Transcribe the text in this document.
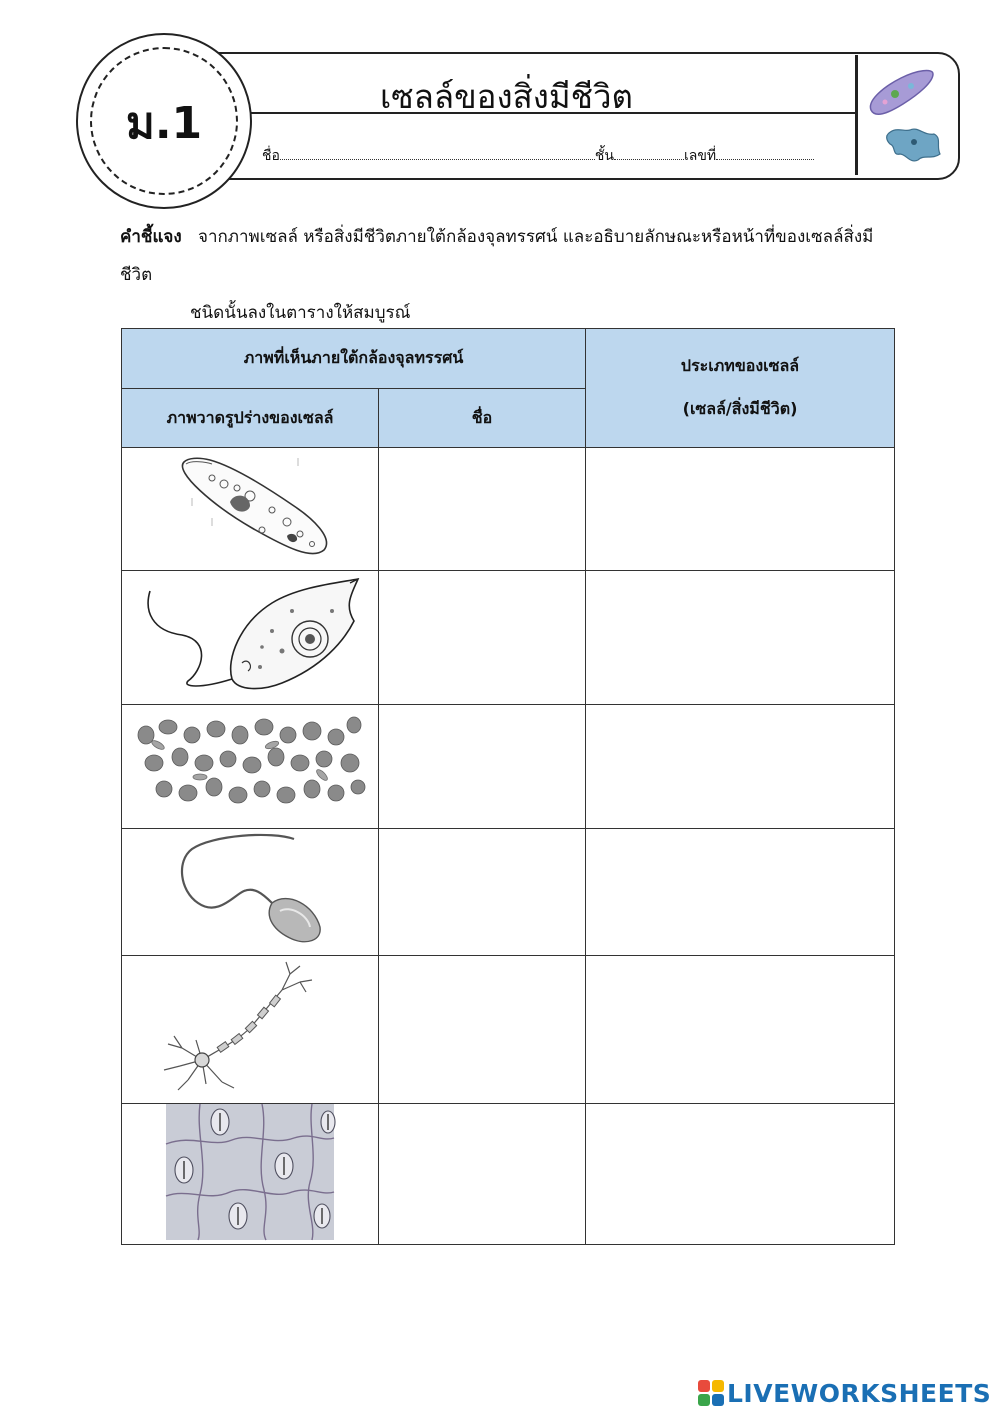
ม.1
เซลล์ของสิ่งมีชีวิต
ชื่อ	ชั้น	เลขที่
คำชี้แจง จากภาพเซลล์ หรือสิ่งมีชีวิตภายใต้กล้องจุลทรรศน์ และอธิบายลักษณะหรือหน้าที่ของเซลล์สิ่งมีชีวิต
ชนิดนั้นลงในตารางให้สมบูรณ์
ภาพที่เห็นภายใต้กล้องจุลทรรศน์		ประเภทของเซลล์
(เซลล์/สิ่งมีชีวิต)

ภาพวาดรูปร่างของเซลล์	ชื่อ	

LIVEWORKSHEETS
